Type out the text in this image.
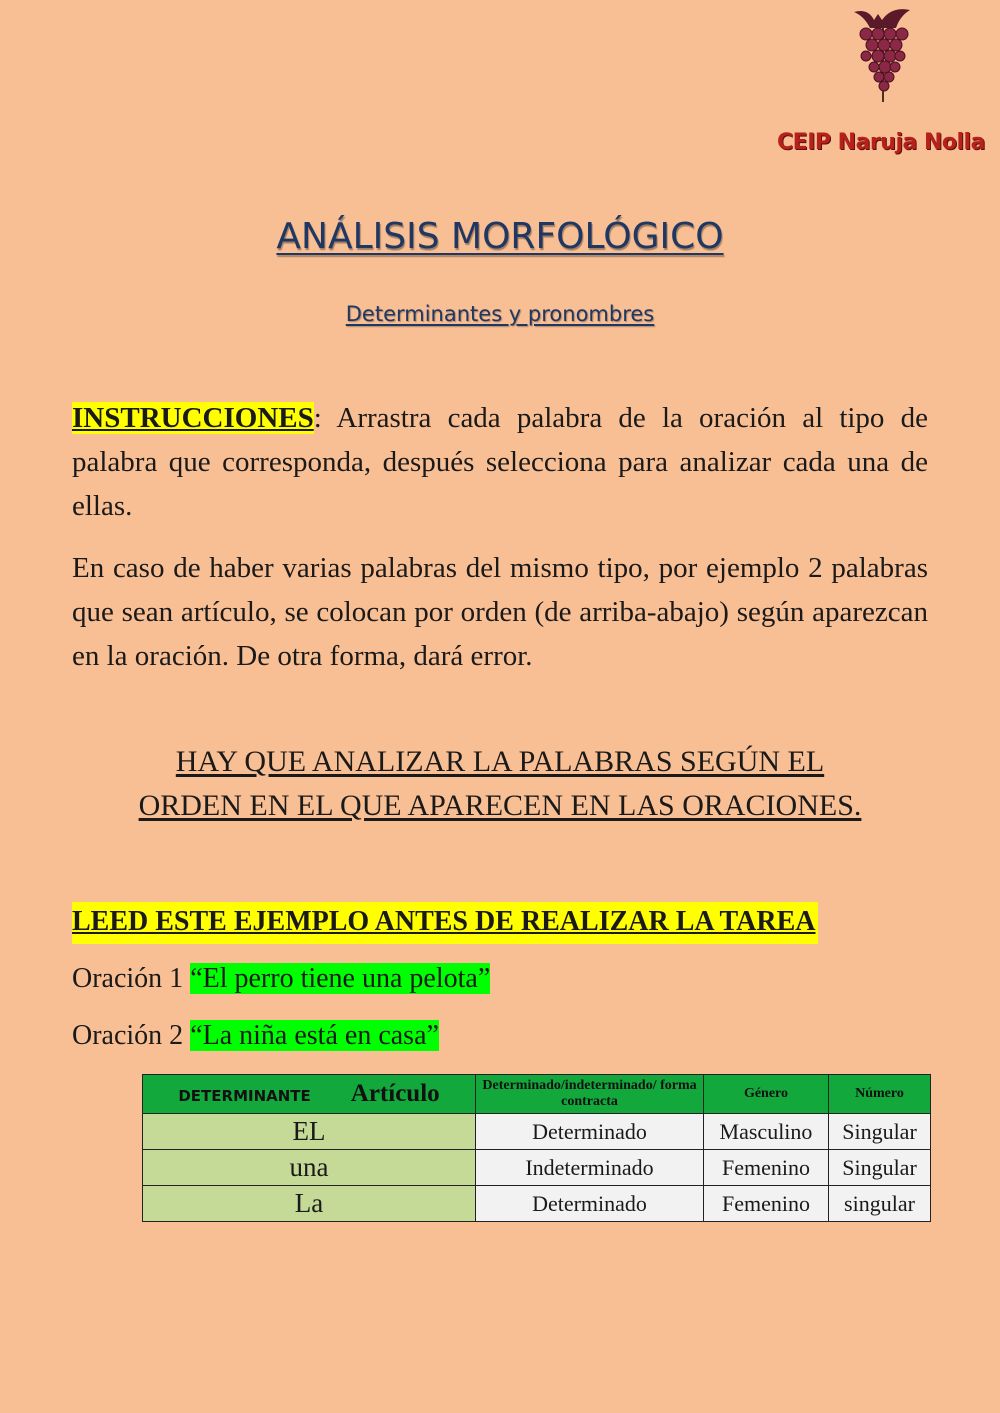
CEIP Naruja Nolla
ANÁLISIS MORFOLÓGICO
Determinantes y pronombres

INSTRUCCIONES: Arrastra cada palabra de la oración al tipo de palabra que corresponda, después selecciona para analizar cada una de ellas.

En caso de haber varias palabras del mismo tipo, por ejemplo 2 palabras que sean artículo, se colocan por orden (de arriba-abajo) según aparezcan en la oración. De otra forma, dará error.

HAY QUE ANALIZAR LA PALABRAS SEGÚN EL
ORDEN EN EL QUE APARECEN EN LAS ORACIONES.
LEED ESTE EJEMPLO ANTES DE REALIZAR LA TAREA
Oración 1 “El perro tiene una pelota”
Oración 2 “La niña está en casa”
DETERMINANTE Artículo	Determinado/indeterminado/ forma contracta	Género	Número
EL	Determinado	Masculino	Singular
una	Indeterminado	Femenino	Singular
La	Determinado	Femenino	singular
